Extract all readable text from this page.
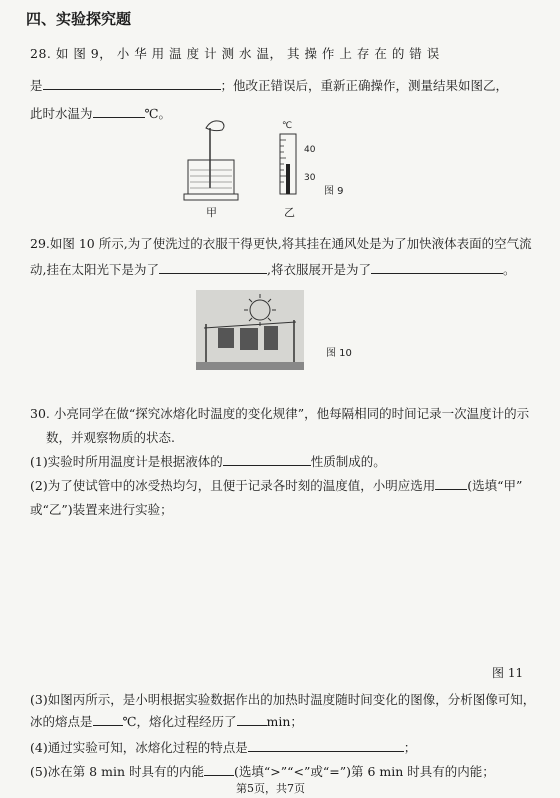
四、实验探究题
28. 如 图 9， 小 华 用 温 度 计 测 水 温， 其 操 作 上 存 在 的 错 误
是	；他改正错误后，重新正确操作，测量结果如图乙，
此时水温为	℃。
℃
40
30
图 9
甲	乙
29.如图 10 所示,为了使洗过的衣服干得更快,将其挂在通风处是为了加快液体表面的空气流
动,挂在太阳光下是为了	,将衣服展开是为了	。
图 10
30. 小亮同学在做“探究冰熔化时温度的变化规律”，他每隔相同的时间记录一次温度计的示
数，并观察物质的状态.
(1)实验时所用温度计是根据液体的	性质制成的。
(2)为了使试管中的冰受热均匀，且便于记录各时刻的温度值，小明应选用	(选填“甲”
或“乙”)装置来进行实验；
图 11
(3)如图丙所示，是小明根据实验数据作出的加热时温度随时间变化的图像，分析图像可知，
冰的熔点是 ℃，熔化过程经历了 min；
(4)通过实验可知，冰熔化过程的特点是	；
(5)冰在第 8 min 时具有的内能 (选填“>”“<”或“=”)第 6 min 时具有的内能；
第5页，共7页
